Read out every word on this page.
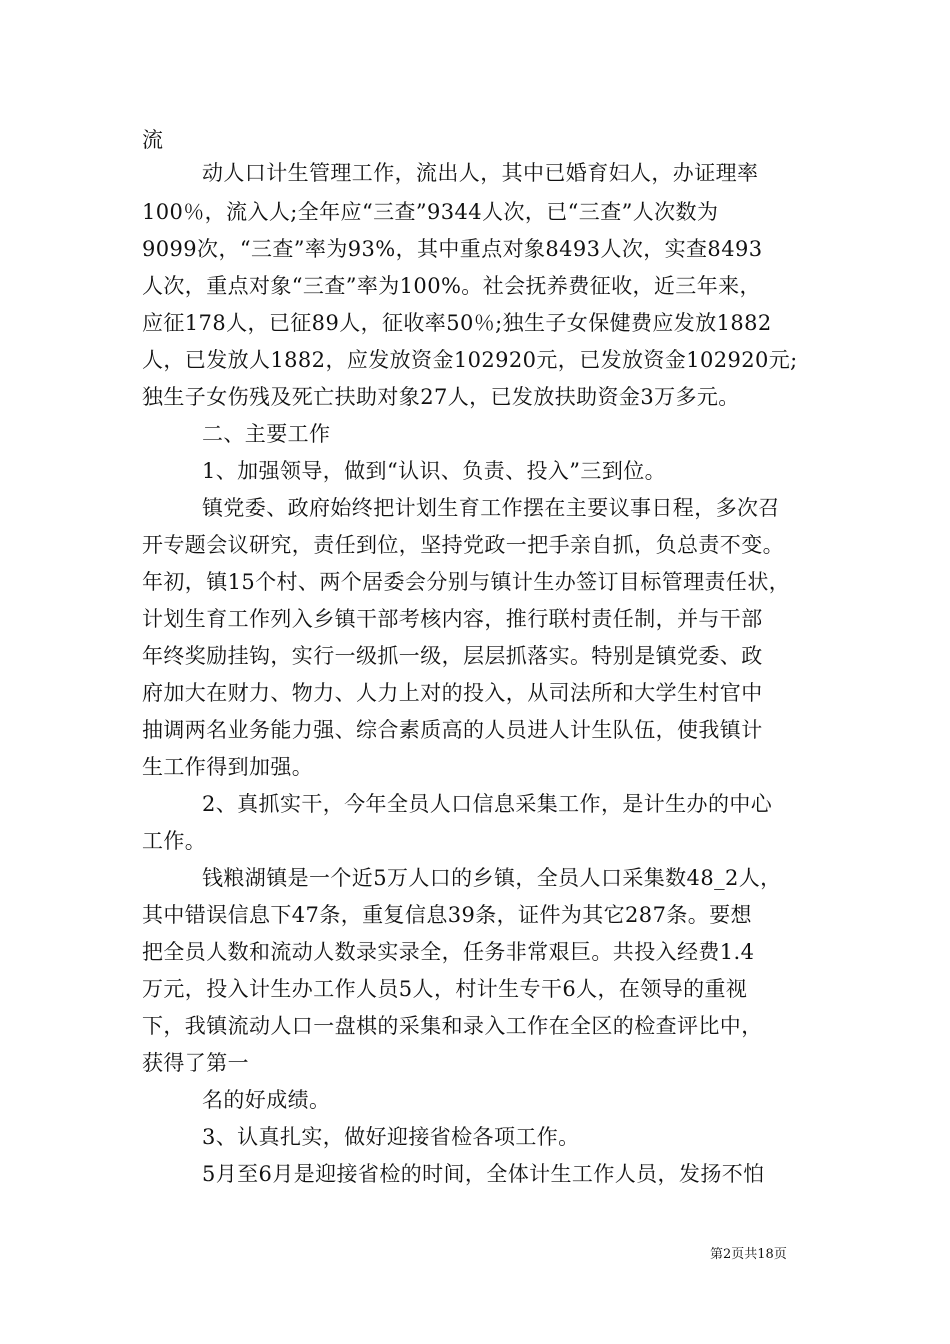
流
动人口计生管理工作，流出人，其中已婚育妇人，办证理率
100％，流入人;全年应“三查”9344人次，已“三查”人次数为
9099次，“三查”率为93%，其中重点对象8493人次，实查8493
人次，重点对象“三查”率为100%。社会抚养费征收，近三年来，
应征178人，已征89人，征收率50％;独生子女保健费应发放1882
人，已发放人1882，应发放资金102920元，已发放资金102920元;
独生子女伤残及死亡扶助对象27人，已发放扶助资金3万多元。
二、主要工作
1、加强领导，做到“认识、负责、投入”三到位。
镇党委、政府始终把计划生育工作摆在主要议事日程，多次召
开专题会议研究，责任到位，坚持党政一把手亲自抓，负总责不变。
年初，镇15个村、两个居委会分别与镇计生办签订目标管理责任状，
计划生育工作列入乡镇干部考核内容，推行联村责任制，并与干部
年终奖励挂钩，实行一级抓一级，层层抓落实。特别是镇党委、政
府加大在财力、物力、人力上对的投入，从司法所和大学生村官中
抽调两名业务能力强、综合素质高的人员进人计生队伍，使我镇计
生工作得到加强。
2、真抓实干，今年全员人口信息采集工作，是计生办的中心
工作。
钱粮湖镇是一个近5万人口的乡镇，全员人口采集数48_2人，
其中错误信息下47条，重复信息39条，证件为其它287条。要想
把全员人数和流动人数录实录全，任务非常艰巨。共投入经费1.4
万元，投入计生办工作人员5人，村计生专干6人，在领导的重视
下，我镇流动人口一盘棋的采集和录入工作在全区的检查评比中，
获得了第一
名的好成绩。
3、认真扎实，做好迎接省检各项工作。
5月至6月是迎接省检的时间，全体计生工作人员，发扬不怕
第2页共18页
